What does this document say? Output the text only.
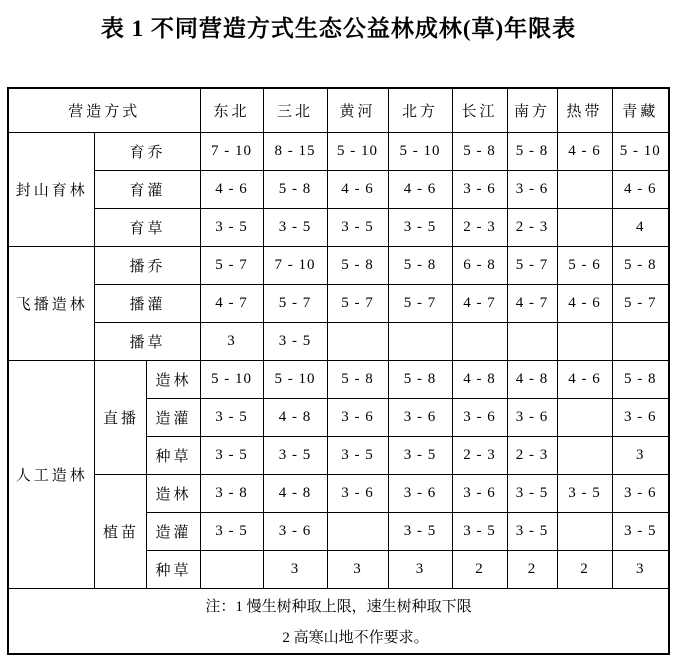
表 1 不同营造方式生态公益林成林(草)年限表
营造方式			东北	三北	黄河	北方	长江	南方	热带	青藏
封山育林	育乔		7 - 10	8 - 15	5 - 10	5 - 10	5 - 8	5 - 8	4 - 6	5 - 10
	育灌		4 - 6	5 - 8	4 - 6	4 - 6	3 - 6	3 - 6		4 - 6
	育草		3 - 5	3 - 5	3 - 5	3 - 5	2 - 3	2 - 3		4
飞播造林	播乔		5 - 7	7 - 10	5 - 8	5 - 8	6 - 8	5 - 7	5 - 6	5 - 8
	播灌		4 - 7	5 - 7	5 - 7	5 - 7	4 - 7	4 - 7	4 - 6	5 - 7
	播草		3	3 - 5						
人工造林	直播	造林	5 - 10	5 - 10	5 - 8	5 - 8	4 - 8	4 - 8	4 - 6	5 - 8
		造灌	3 - 5	4 - 8	3 - 6	3 - 6	3 - 6	3 - 6		3 - 6
		种草	3 - 5	3 - 5	3 - 5	3 - 5	2 - 3	2 - 3		3
	植苗	造林	3 - 8	4 - 8	3 - 6	3 - 6	3 - 6	3 - 5	3 - 5	3 - 6
		造灌	3 - 5	3 - 6		3 - 5	3 - 5	3 - 5		3 - 5
		种草		3	3	3	2	2	2	3

注：1 慢生树种取上限，速生树种取下限

2 高寒山地不作要求。										
